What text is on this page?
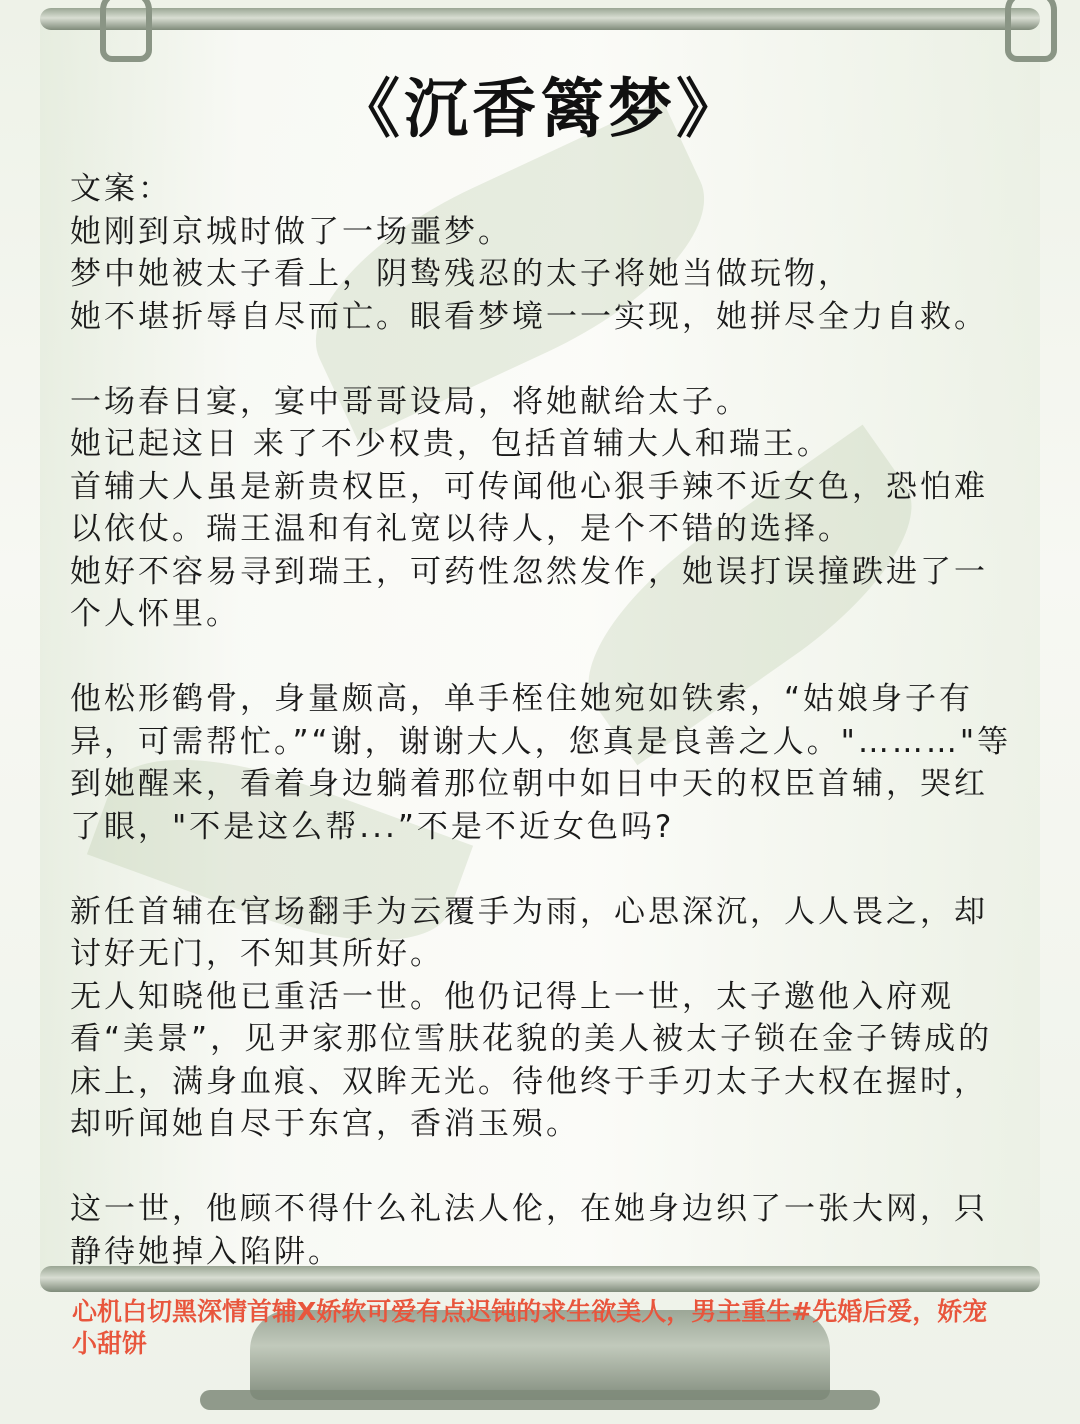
《沉香篱梦》

文案：

她刚到京城时做了一场噩梦。

梦中她被太子看上，阴鸷残忍的太子将她当做玩物，

她不堪折辱自尽而亡。眼看梦境一一实现，她拼尽全力自救。

一场春日宴，宴中哥哥设局，将她献给太子。

她记起这日 来了不少权贵，包括首辅大人和瑞王。

首辅大人虽是新贵权臣，可传闻他心狠手辣不近女色，恐怕难以依仗。瑞王温和有礼宽以待人，是个不错的选择。

她好不容易寻到瑞王，可药性忽然发作，她误打误撞跌进了一个人怀里。

他松形鹤骨，身量颇高，单手桎住她宛如铁索，“姑娘身子有异，可需帮忙。”“谢，谢谢大人，您真是良善之人。"………"等到她醒来，看着身边躺着那位朝中如日中天的权臣首辅，哭红了眼，"不是这么帮...”不是不近女色吗?

新任首辅在官场翻手为云覆手为雨，心思深沉，人人畏之，却讨好无门，不知其所好。

无人知晓他已重活一世。他仍记得上一世，太子邀他入府观看“美景”，见尹家那位雪肤花貌的美人被太子锁在金子铸成的床上，满身血痕、双眸无光。待他终于手刃太子大权在握时，却听闻她自尽于东宫，香消玉殒。

这一世，他顾不得什么礼法人伦，在她身边织了一张大网，只静待她掉入陷阱。

心机白切黑深情首辅X娇软可爱有点迟钝的求生欲美人，男主重生#先婚后爱，娇宠小甜饼
